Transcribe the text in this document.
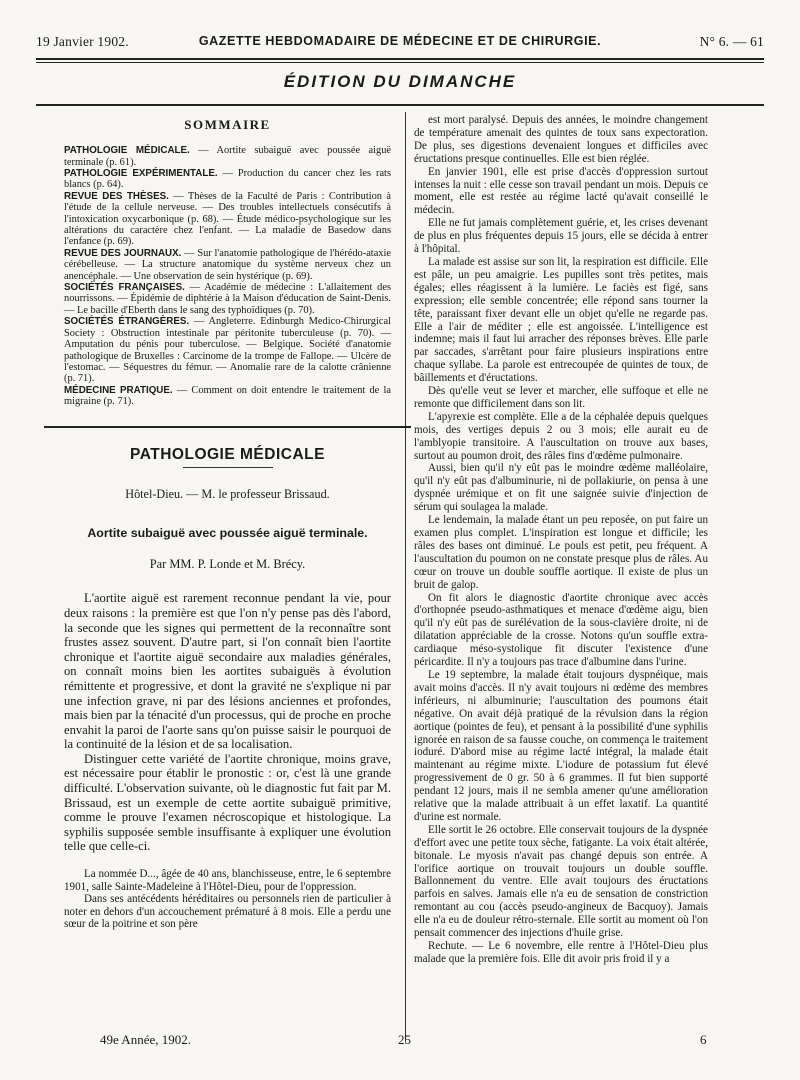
19 Janvier 1902.	GAZETTE HEBDOMADAIRE DE MÉDECINE ET DE CHIRURGIE.	N° 6. — 61
ÉDITION DU DIMANCHE
SOMMAIRE

PATHOLOGIE MÉDICALE. — Aortite subaiguë avec poussée aiguë terminale (p. 61).

PATHOLOGIE EXPÉRIMENTALE. — Production du cancer chez les rats blancs (p. 64).

REVUE DES THÈSES. — Thèses de la Faculté de Paris : Contribution à l'étude de la cellule nerveuse. — Des troubles intellectuels consécutifs à l'intoxication oxycarbonique (p. 68). — Étude médico-psychologique sur les altérations du caractère chez l'enfant. — La maladie de Basedow dans l'enfance (p. 69).

REVUE DES JOURNAUX. — Sur l'anatomie pathologique de l'hérédo-ataxie cérébelleuse. — La structure anatomique du système nerveux chez un anencéphale. — Une observation de sein hystérique (p. 69).

SOCIÉTÉS FRANÇAISES. — Académie de médecine : L'allaitement des nourrissons. — Épidémie de diphtérie à la Maison d'éducation de Saint-Denis. — Le bacille d'Eberth dans le sang des typhoïdiques (p. 70).

SOCIÉTÉS ÉTRANGÈRES. — Angleterre. Edinburgh Medico-Chirurgical Society : Obstruction intestinale par péritonite tuberculeuse (p. 70). — Amputation du pénis pour tuberculose. — Belgique. Société d'anatomie pathologique de Bruxelles : Carcinome de la trompe de Fallope. — Ulcère de l'estomac. — Séquestres du fémur. — Anomalie rare de la calotte crânienne (p. 71).

MÉDECINE PRATIQUE. — Comment on doit entendre le traitement de la migraine (p. 71).

PATHOLOGIE MÉDICALE
Hôtel-Dieu. — M. le professeur Brissaud.
Aortite subaiguë avec poussée aiguë terminale.
Par MM. P. Londe et M. Brécy.

L'aortite aiguë est rarement reconnue pendant la vie, pour deux raisons : la première est que l'on n'y pense pas dès l'abord, la seconde que les signes qui permettent de la reconnaître sont frustes assez souvent. D'autre part, si l'on connaît bien l'aortite chronique et l'aortite aiguë secondaire aux maladies générales, on connaît moins bien les aortites subaiguës à évolution rémittente et progressive, et dont la gravité ne s'explique ni par une infection grave, ni par des lésions anciennes et profondes, mais bien par la ténacité d'un processus, qui de proche en proche envahit la paroi de l'aorte sans qu'on puisse saisir le pourquoi de la continuité de la lésion et de sa localisation.

Distinguer cette variété de l'aortite chronique, moins grave, est nécessaire pour établir le pronostic : or, c'est là une grande difficulté. L'observation suivante, où le diagnostic fut fait par M. Brissaud, est un exemple de cette aortite subaiguë primitive, comme le prouve l'examen nécroscopique et histologique. La syphilis supposée semble insuffisante à expliquer une évolution telle que celle-ci.

La nommée D..., âgée de 40 ans, blanchisseuse, entre, le 6 septembre 1901, salle Sainte-Madeleine à l'Hôtel-Dieu, pour de l'oppression.

Dans ses antécédents héréditaires ou personnels rien de particulier à noter en dehors d'un accouchement prématuré à 8 mois. Elle a perdu une sœur de la poitrine et son père

est mort paralysé. Depuis des années, le moindre changement de température amenait des quintes de toux sans expectoration. De plus, ses digestions devenaient longues et difficiles avec éructations presque continuelles. Elle est bien réglée.

En janvier 1901, elle est prise d'accès d'oppression surtout intenses la nuit : elle cesse son travail pendant un mois. Depuis ce moment, elle est restée au régime lacté qu'avait conseillé le médecin.

Elle ne fut jamais complètement guérie, et, les crises devenant de plus en plus fréquentes depuis 15 jours, elle se décida à entrer à l'hôpital.

La malade est assise sur son lit, la respiration est difficile. Elle est pâle, un peu amaigrie. Les pupilles sont très petites, mais égales; elles réagissent à la lumière. Le faciès est figé, sans expression; elle semble concentrée; elle répond sans tourner la tête, paraissant fixer devant elle un objet qu'elle ne regarde pas. Elle a l'air de méditer ; elle est angoissée. L'intelligence est indemne; mais il faut lui arracher des réponses brèves. Elle parle par saccades, s'arrêtant pour faire plusieurs inspirations entre chaque syllabe. La parole est entrecoupée de quintes de toux, de bâillements et d'éructations.

Dès qu'elle veut se lever et marcher, elle suffoque et elle ne remonte que difficilement dans son lit.

L'apyrexie est complète. Elle a de la céphalée depuis quelques mois, des vertiges depuis 2 ou 3 mois; elle aurait eu de l'amblyopie transitoire. A l'auscultation on trouve aux bases, surtout au poumon droit, des râles fins d'œdème pulmonaire.

Aussi, bien qu'il n'y eût pas le moindre œdème malléolaire, qu'il n'y eût pas d'albuminurie, ni de pollakiurie, on pensa à une dyspnée urémique et on fit une saignée suivie d'injection de sérum qui soulagea la malade.

Le lendemain, la malade étant un peu reposée, on put faire un examen plus complet. L'inspiration est longue et difficile; les râles des bases ont diminué. Le pouls est petit, peu fréquent. A l'auscultation du poumon on ne constate presque plus de râles. Au cœur on trouve un double souffle aortique. Il existe de plus un bruit de galop.

On fit alors le diagnostic d'aortite chronique avec accès d'orthopnée pseudo-asthmatiques et menace d'œdème aigu, bien qu'il n'y eût pas de surélévation de la sous-clavière droite, ni de dilatation appréciable de la crosse. Notons qu'un souffle extra-cardiaque méso-systolique fit discuter l'existence d'une péricardite. Il n'y a toujours pas trace d'albumine dans l'urine.

Le 19 septembre, la malade était toujours dyspnéique, mais avait moins d'accès. Il n'y avait toujours ni œdème des membres inférieurs, ni albuminurie; l'auscultation des poumons était négative. On avait déjà pratiqué de la révulsion dans la région aortique (pointes de feu), et pensant à la possibilité d'une syphilis ignorée en raison de sa fausse couche, on commença le traitement ioduré. D'abord mise au régime lacté intégral, la malade était maintenant au régime mixte. L'iodure de potassium fut élevé progressivement de 0 gr. 50 à 6 grammes. Il fut bien supporté pendant 12 jours, mais il ne sembla amener qu'une amélioration relative que la malade attribuait à un effet laxatif. La quantité d'urine est normale.

Elle sortit le 26 octobre. Elle conservait toujours de la dyspnée d'effort avec une petite toux sèche, fatigante. La voix était altérée, bitonale. Le myosis n'avait pas changé depuis son entrée. A l'orifice aortique on trouvait toujours un double souffle. Ballonnement du ventre. Elle avait toujours des éructations parfois en salves. Jamais elle n'a eu de sensation de constriction remontant au cou (accès pseudo-angineux de Bacquoy). Jamais elle n'a eu de douleur rétro-sternale. Elle sortit au moment où l'on pensait commencer des injections d'huile grise.

Rechute. — Le 6 novembre, elle rentre à l'Hôtel-Dieu plus malade que la première fois. Elle dit avoir pris froid il y a

49e Année, 1902.	25	6
